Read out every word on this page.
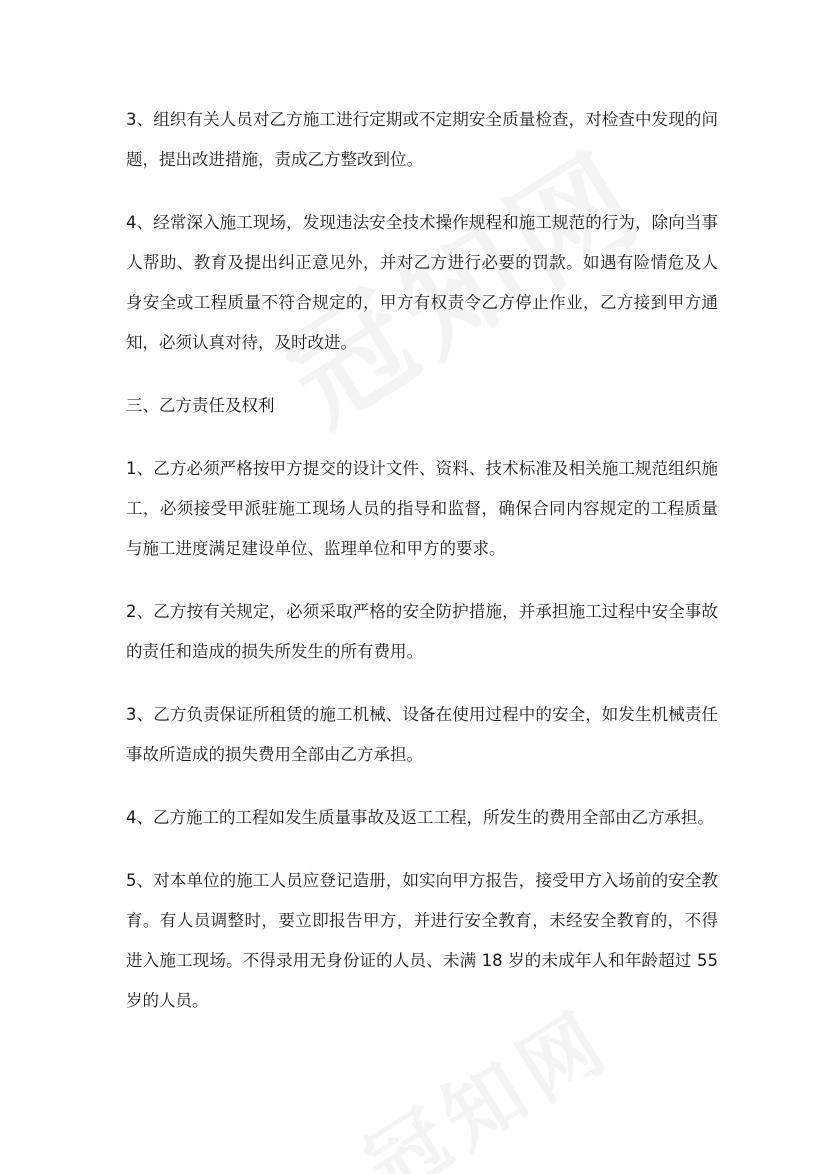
3、组织有关人员对乙方施工进行定期或不定期安全质量检查，对检查中发现的问题，提出改进措施，责成乙方整改到位。

4、经常深入施工现场，发现违法安全技术操作规程和施工规范的行为，除向当事人帮助、教育及提出纠正意见外，并对乙方进行必要的罚款。如遇有险情危及人身安全或工程质量不符合规定的，甲方有权责令乙方停止作业，乙方接到甲方通知，必须认真对待，及时改进。

三、乙方责任及权利

1、乙方必须严格按甲方提交的设计文件、资料、技术标准及相关施工规范组织施工，必须接受甲派驻施工现场人员的指导和监督，确保合同内容规定的工程质量与施工进度满足建设单位、监理单位和甲方的要求。

2、乙方按有关规定，必须采取严格的安全防护措施，并承担施工过程中安全事故的责任和造成的损失所发生的所有费用。

3、乙方负责保证所租赁的施工机械、设备在使用过程中的安全，如发生机械责任事故所造成的损失费用全部由乙方承担。

4、乙方施工的工程如发生质量事故及返工工程，所发生的费用全部由乙方承担。

5、对本单位的施工人员应登记造册，如实向甲方报告，接受甲方入场前的安全教育。有人员调整时，要立即报告甲方，并进行安全教育，未经安全教育的，不得进入施工现场。不得录用无身份证的人员、未满 18 岁的未成年人和年龄超过 55 岁的人员。
